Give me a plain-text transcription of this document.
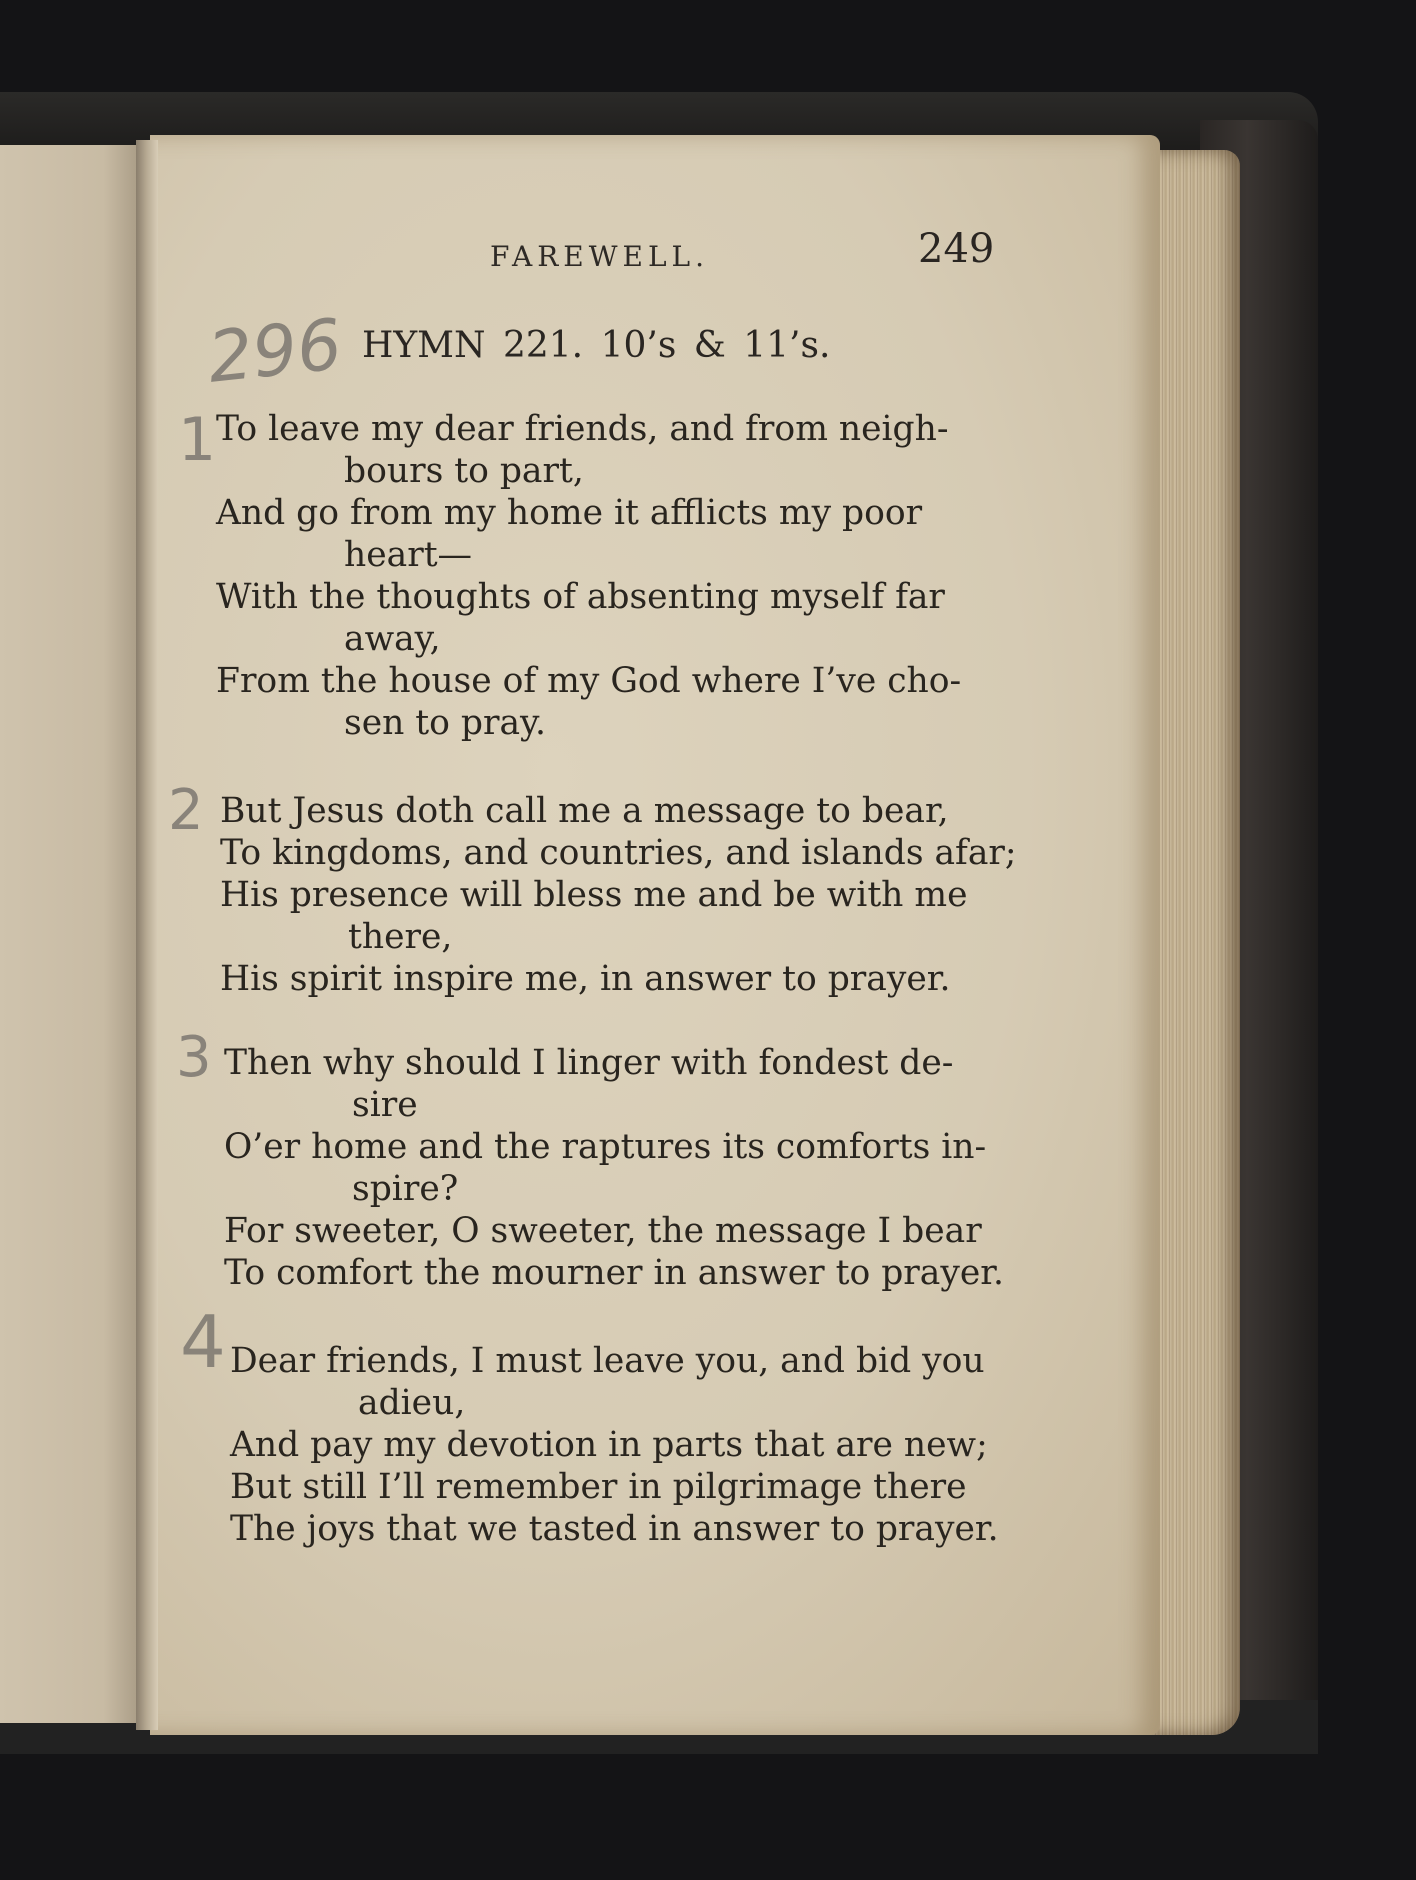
FAREWELL.	249
296 HYMN 221. 10’s & 11’s.
1 To leave my dear friends, and from neigh-
bours to part,
And go from my home it afflicts my poor
heart—
With the thoughts of absenting myself far
away,
From the house of my God where I’ve cho-
sen to pray.
2 But Jesus doth call me a message to bear,
To kingdoms, and countries, and islands afar;
His presence will bless me and be with me
there,
His spirit inspire me, in answer to prayer.
3 Then why should I linger with fondest de-
sire
O’er home and the raptures its comforts in-
spire?
For sweeter, O sweeter, the message I bear
To comfort the mourner in answer to prayer.
4 Dear friends, I must leave you, and bid you
adieu,
And pay my devotion in parts that are new;
But still I’ll remember in pilgrimage there
The joys that we tasted in answer to prayer.
